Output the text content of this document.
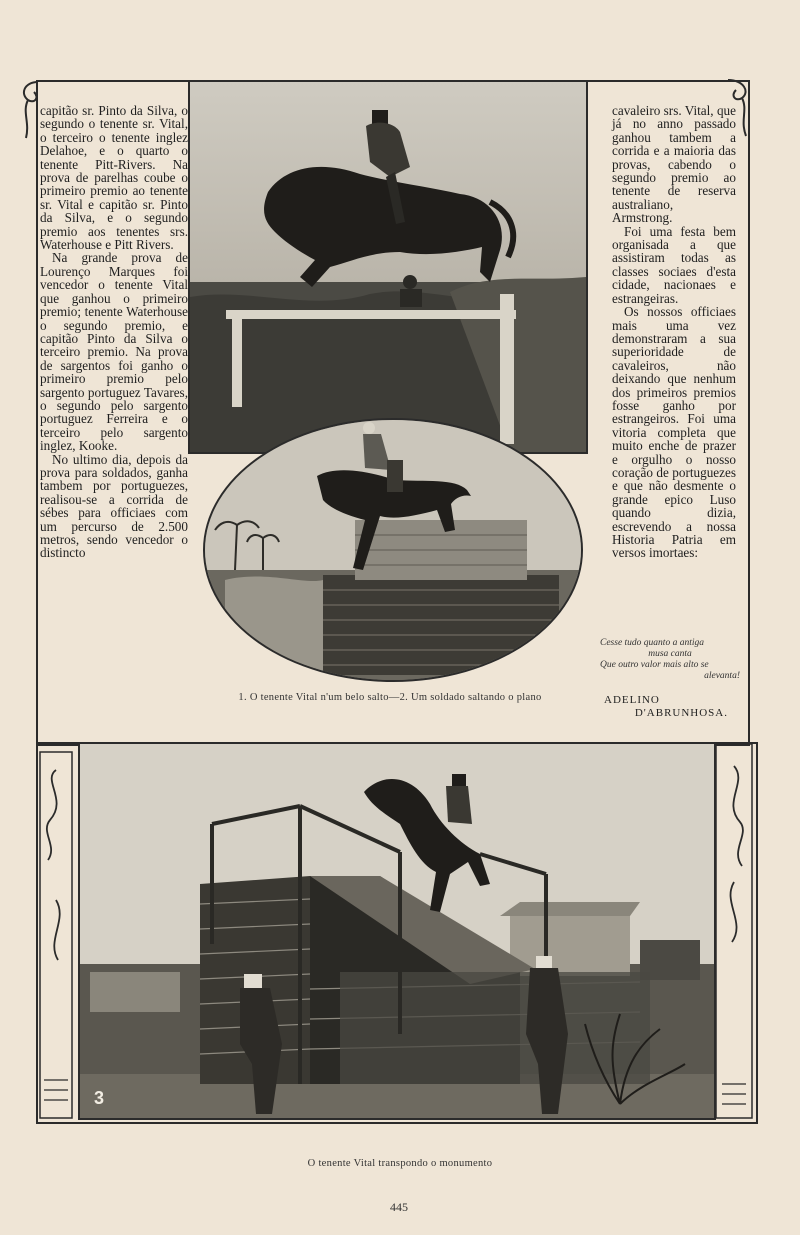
capitão sr. Pinto da Silva, o segundo o tenente sr. Vital, o terceiro o tenente inglez Delahoe, e o quarto o tenente Pitt-Rivers. Na prova de parelhas coube o primeiro premio ao tenente sr. Vital e capitão sr. Pinto da Silva, e o segundo premio aos tenentes srs. Waterhouse e Pitt Rivers.

Na grande prova de Lourenço Marques foi vencedor o tenente Vital que ganhou o primeiro premio; tenente Waterhouse o segundo premio, e capitão Pinto da Silva o terceiro premio. Na prova de sargentos foi ganho o primeiro premio pelo sargento portuguez Tavares, o segundo pelo sargento portuguez Ferreira e o terceiro pelo sargento inglez, Kooke.

No ultimo dia, depois da prova para soldados, ganha tambem por portuguezes, realisou-se a corrida de sébes para officiaes com um percurso de 2.500 metros, sendo vencedor o distincto

cavaleiro srs. Vital, que já no anno passado ganhou tambem a corrida e a maioria das provas, cabendo o segundo premio ao tenente de reserva australiano, Armstrong.

Foi uma festa bem organisada a que assistiram todas as classes sociaes d'esta cidade, nacionaes e estrangeiras.

Os nossos officiaes mais uma vez demonstraram a sua superioridade de cavaleiros, não deixando que nenhum dos primeiros premios fosse ganho por estrangeiros. Foi uma vitoria completa que muito enche de prazer e orgulho o nosso coração de portuguezes e que não desmente o grande epico Luso quando dizia, escrevendo a nossa Historia Patria em versos imortaes:

Cesse tudo quanto a antiga
musa canta
Que outro valor mais alto se
alevanta!
ADELINO
D'ABRUNHOSA.
1. O tenente Vital n'um belo salto—2. Um soldado saltando o plano
3
O tenente Vital transpondo o monumento
445
